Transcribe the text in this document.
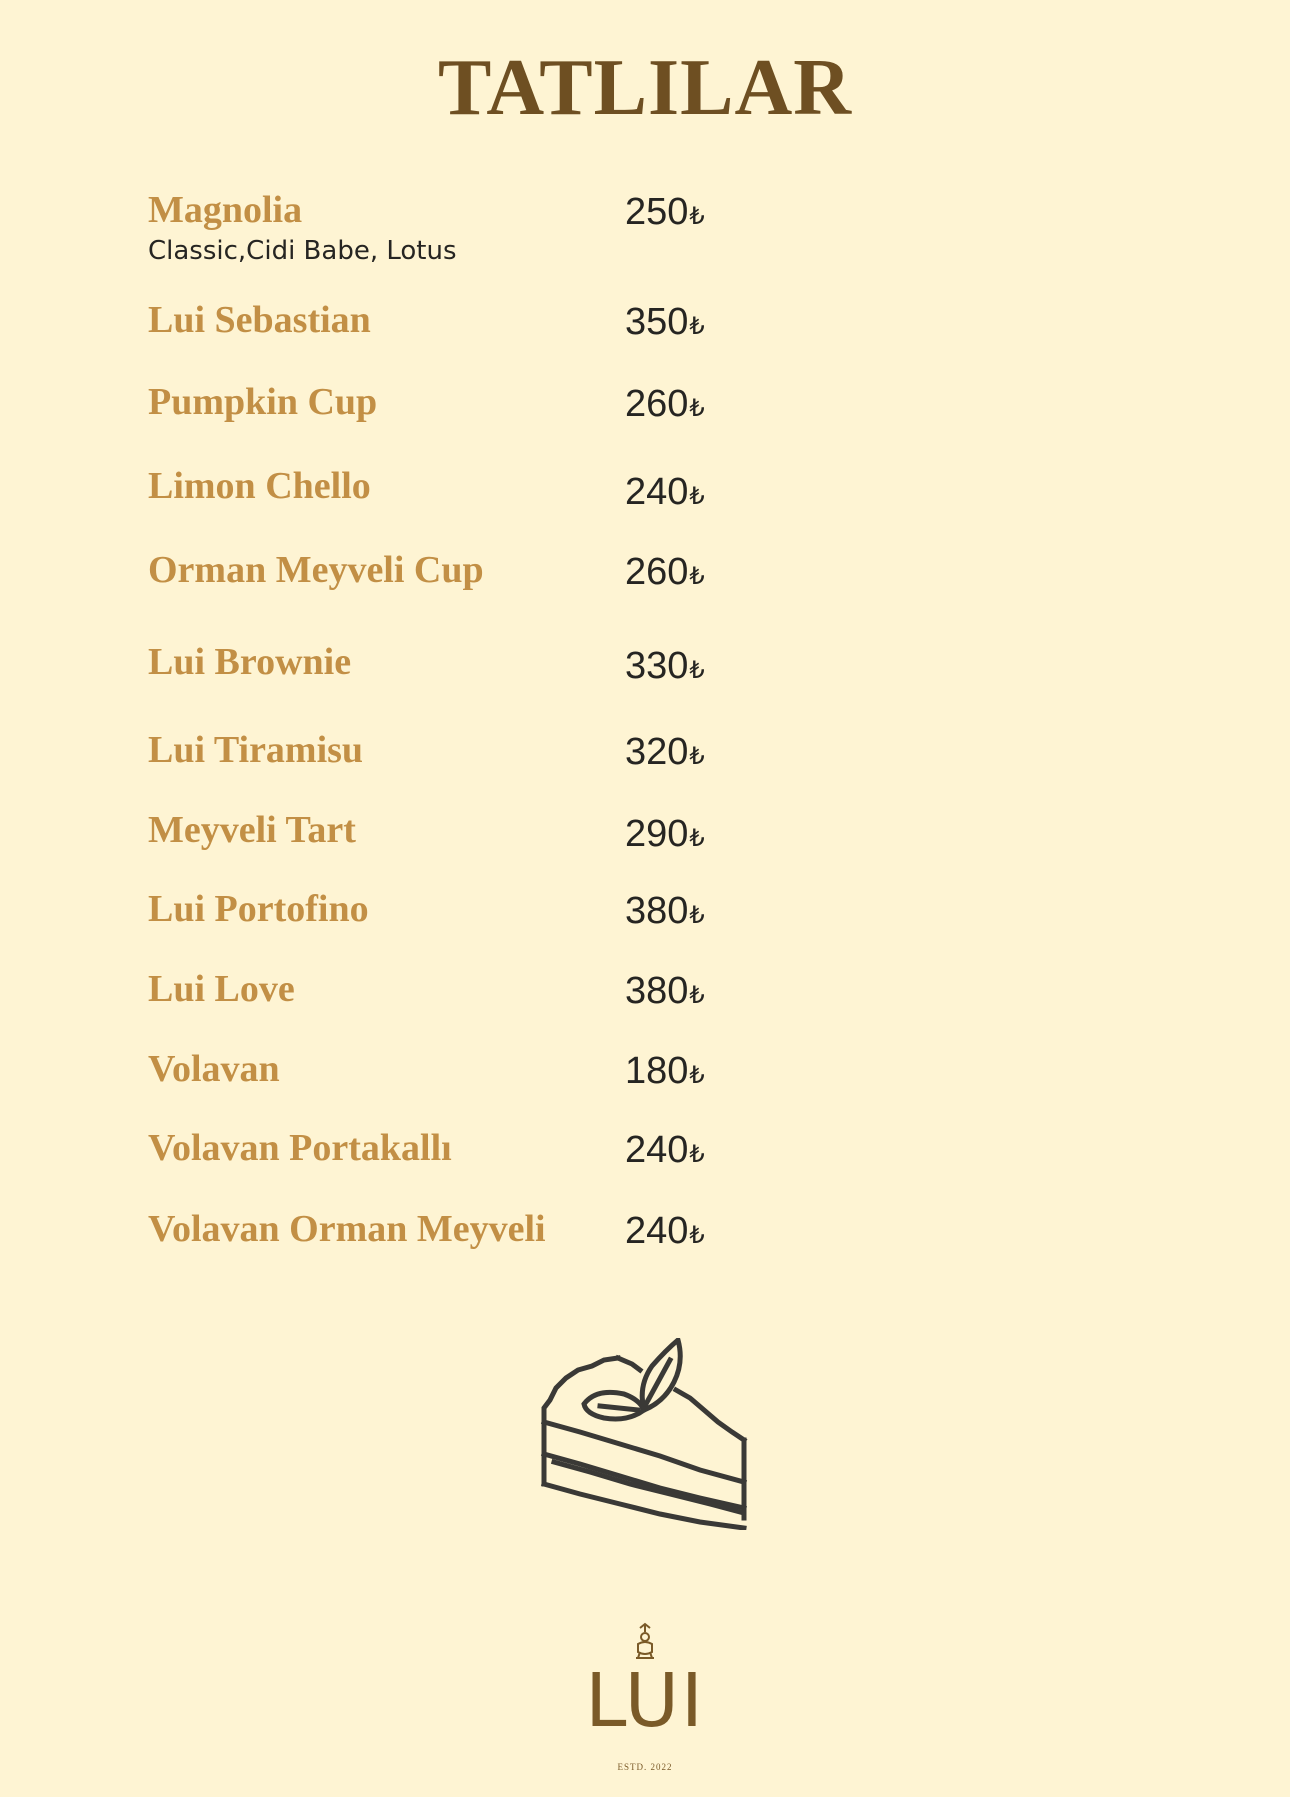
TATLILAR
Magnolia	250₺
Classic,Cidi Babe, Lotus
Lui Sebastian	350₺
Pumpkin Cup	260₺
Limon Chello	240₺
Orman Meyveli Cup	260₺
Lui Brownie	330₺
Lui Tiramisu	320₺
Meyveli Tart	290₺
Lui Portofino	380₺
Lui Love	380₺
Volavan	180₺
Volavan Portakallı	240₺
Volavan Orman Meyveli 240₺
LUI
ESTD. 2022
